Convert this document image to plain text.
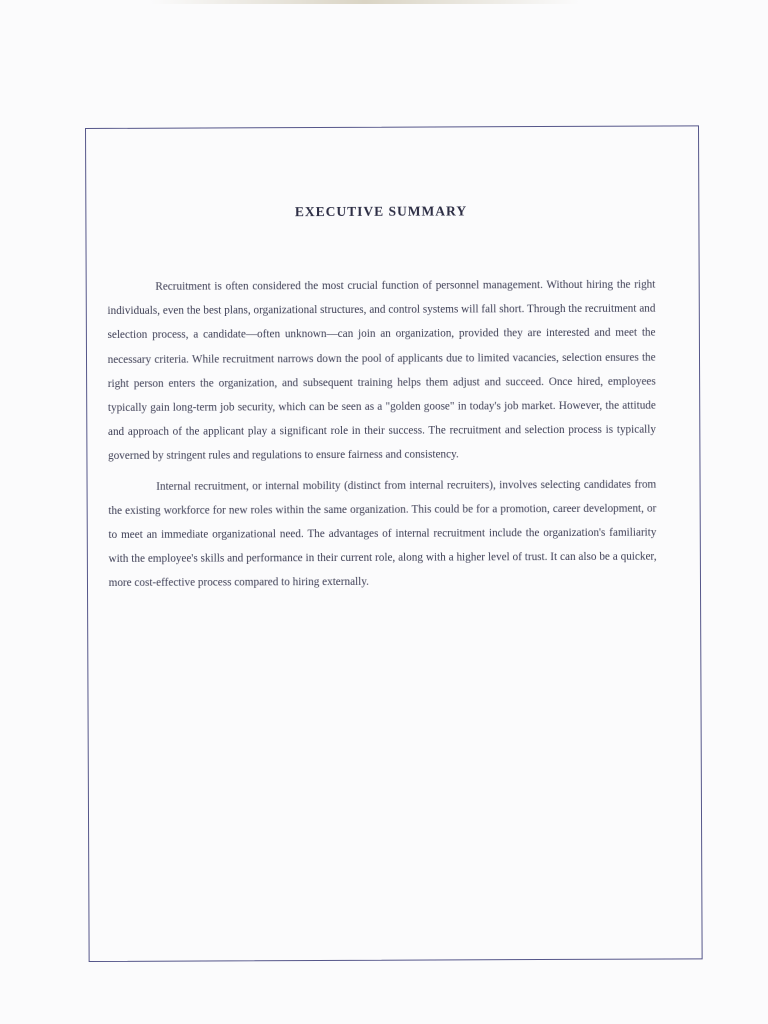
EXECUTIVE SUMMARY

Recruitment is often considered the most crucial function of personnel management. Without hiring the right individuals, even the best plans, organizational structures, and control systems will fall short. Through the recruitment and selection process, a candidate—often unknown—can join an organization, provided they are interested and meet the necessary criteria. While recruitment narrows down the pool of applicants due to limited vacancies, selection ensures the right person enters the organization, and subsequent training helps them adjust and succeed. Once hired, employees typically gain long-term job security, which can be seen as a "golden goose" in today's job market. However, the attitude and approach of the applicant play a significant role in their success. The recruitment and selection process is typically governed by stringent rules and regulations to ensure fairness and consistency.

Internal recruitment, or internal mobility (distinct from internal recruiters), involves selecting candidates from the existing workforce for new roles within the same organization. This could be for a promotion, career development, or to meet an immediate organizational need. The advantages of internal recruitment include the organization's familiarity with the employee's skills and performance in their current role, along with a higher level of trust. It can also be a quicker, more cost-effective process compared to hiring externally.
